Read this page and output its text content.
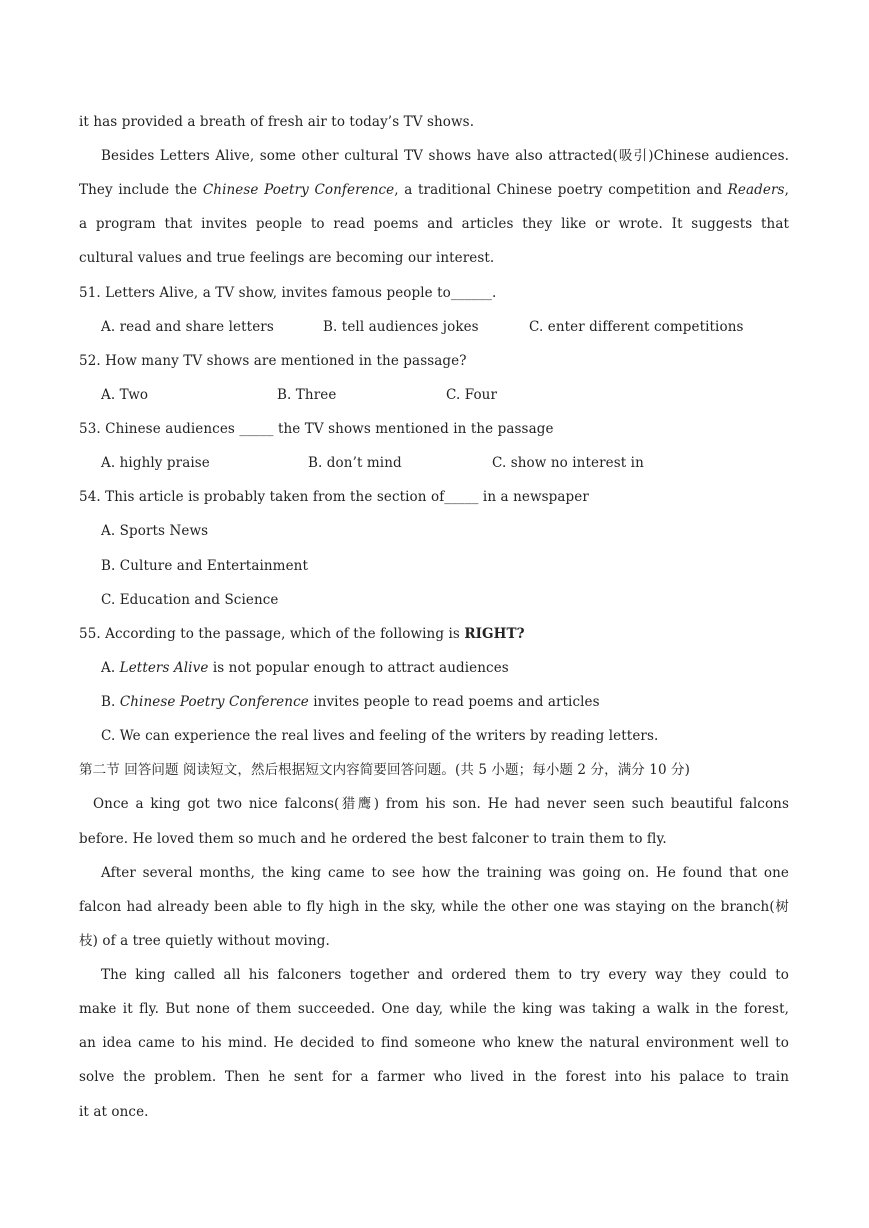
it has provided a breath of fresh air to today’s TV shows.
Besides Letters Alive, some other cultural TV shows have also attracted(吸引)Chinese audiences.
They include the Chinese Poetry Conference, a traditional Chinese poetry competition and Readers,
a program that invites people to read poems and articles they like or wrote. It suggests that
cultural values and true feelings are becoming our interest.
51. Letters Alive, a TV show, invites famous people to______.
A. read and share letters	B. tell audiences jokes	C. enter different competitions
52. How many TV shows are mentioned in the passage?
A. Two	B. Three	C. Four
53. Chinese audiences _____ the TV shows mentioned in the passage
A. highly praise	B. don’t mind	C. show no interest in
54. This article is probably taken from the section of_____ in a newspaper
A. Sports News
B. Culture and Entertainment
C. Education and Science
55. According to the passage, which of the following is RIGHT?
A. Letters Alive is not popular enough to attract audiences
B. Chinese Poetry Conference invites people to read poems and articles
C. We can experience the real lives and feeling of the writers by reading letters.
第二节 回答问题 阅读短文，然后根据短文内容简要回答问题。(共 5 小题；每小题 2 分，满分 10 分)
Once a king got two nice falcons(猎鹰) from his son. He had never seen such beautiful falcons
before. He loved them so much and he ordered the best falconer to train them to fly.
After several months, the king came to see how the training was going on. He found that one
falcon had already been able to fly high in the sky, while the other one was staying on the branch(树
枝) of a tree quietly without moving.
The king called all his falconers together and ordered them to try every way they could to
make it fly. But none of them succeeded. One day, while the king was taking a walk in the forest,
an idea came to his mind. He decided to find someone who knew the natural environment well to
solve the problem. Then he sent for a farmer who lived in the forest into his palace to train
it at once.
